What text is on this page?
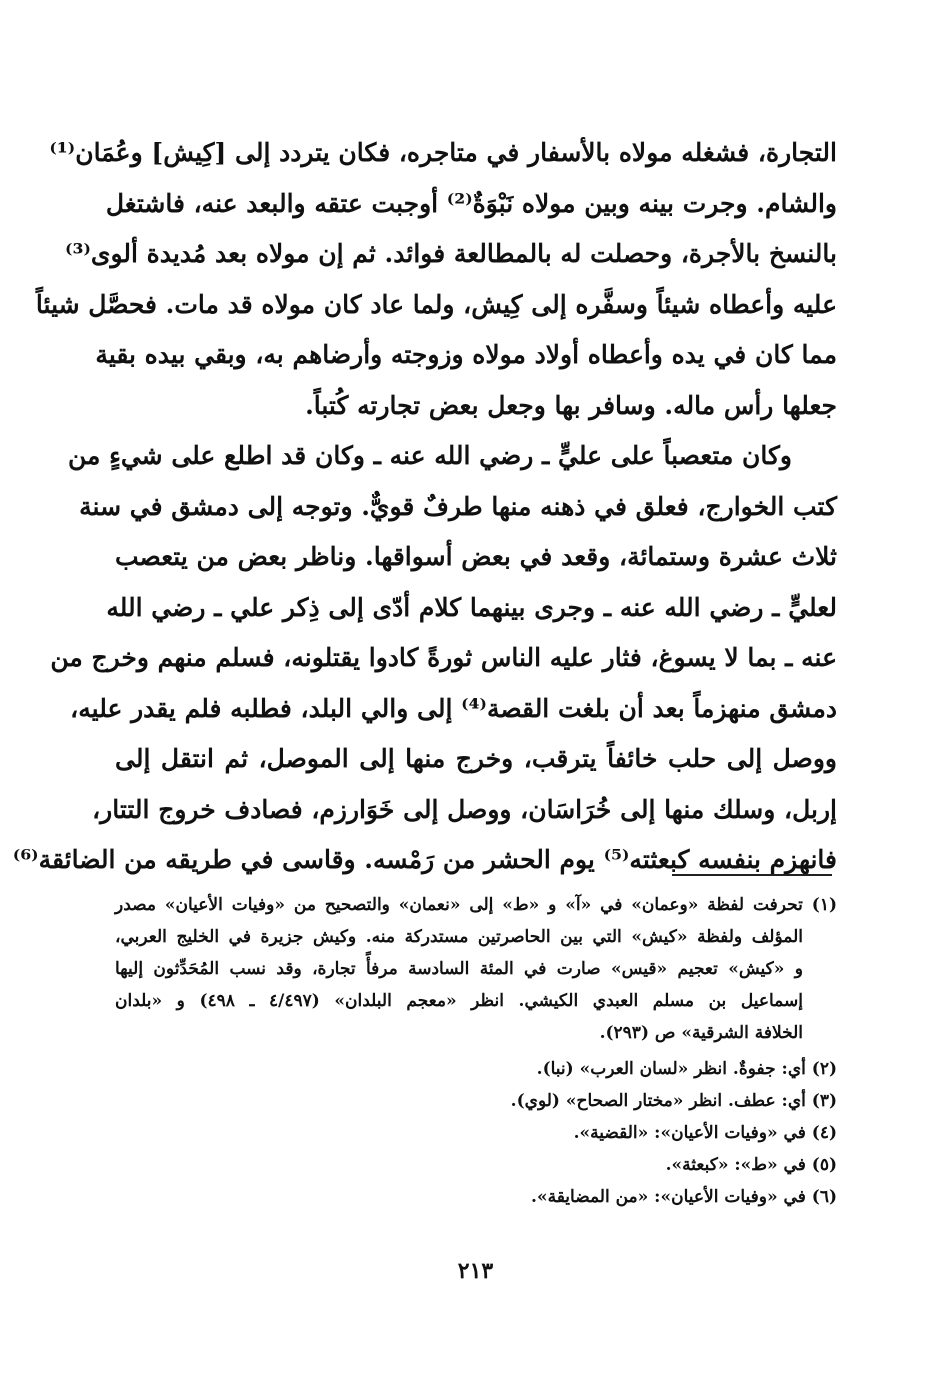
التجارة، فشغله مولاه بالأسفار في متاجره، فكان يتردد إلى [كِيش] وعُمَان⁽¹⁾
والشام. وجرت بينه وبين مولاه نَبْوَةٌ⁽²⁾ أوجبت عتقه والبعد عنه، فاشتغل
بالنسخ بالأجرة، وحصلت له بالمطالعة فوائد. ثم إن مولاه بعد مُديدة ألوى⁽³⁾
عليه وأعطاه شيئاً وسفَّره إلى كِيش، ولما عاد كان مولاه قد مات. فحصَّل شيئاً
مما كان في يده وأعطاه أولاد مولاه وزوجته وأرضاهم به، وبقي بيده بقية
جعلها رأس ماله. وسافر بها وجعل بعض تجارته كُتباً.
وكان متعصباً على عليٍّ ـ رضي الله عنه ـ وكان قد اطلع على شيءٍ من
كتب الخوارج، فعلق في ذهنه منها طرفٌ قويٌّ. وتوجه إلى دمشق في سنة
ثلاث عشرة وستمائة، وقعد في بعض أسواقها. وناظر بعض من يتعصب
لعليٍّ ـ رضي الله عنه ـ وجرى بينهما كلام أدّى إلى ذِكر علي ـ رضي الله
عنه ـ بما لا يسوغ، فثار عليه الناس ثورةً كادوا يقتلونه، فسلم منهم وخرج من
دمشق منهزماً بعد أن بلغت القصة⁽⁴⁾ إلى والي البلد، فطلبه فلم يقدر عليه،
ووصل إلى حلب خائفاً يترقب، وخرج منها إلى الموصل، ثم انتقل إلى
إربل، وسلك منها إلى خُرَاسَان، ووصل إلى خَوَارزم، فصادف خروج التتار،
فانهزم بنفسه كبعثته⁽⁵⁾ يوم الحشر من رَمْسه. وقاسى في طريقه من الضائقة⁽⁶⁾
(١) تحرفت لفظة «وعمان» في «آ» و «ط» إلى «نعمان» والتصحيح من «وفيات الأعيان» مصدر
المؤلف ولفظة «كيش» التي بين الحاصرتين مستدركة منه. وكيش جزيرة في الخليج العربي،
و «كيش» تعجيم «قيس» صارت في المئة السادسة مرفأً تجارة، وقد نسب المُحَدِّثون إليها
إسماعيل بن مسلم العبدي الكيشي. انظر «معجم البلدان» (٤/٤٩٧ ـ ٤٩٨) و «بلدان
الخلافة الشرقية» ص (٢٩٣).
(٢) أي: جفوةٌ. انظر «لسان العرب» (نبا).
(٣) أي: عطف. انظر «مختار الصحاح» (لوي).
(٤) في «وفيات الأعيان»: «القضية».
(٥) في «ط»: «كبعثة».
(٦) في «وفيات الأعيان»: «من المضايقة».
٢١٣
